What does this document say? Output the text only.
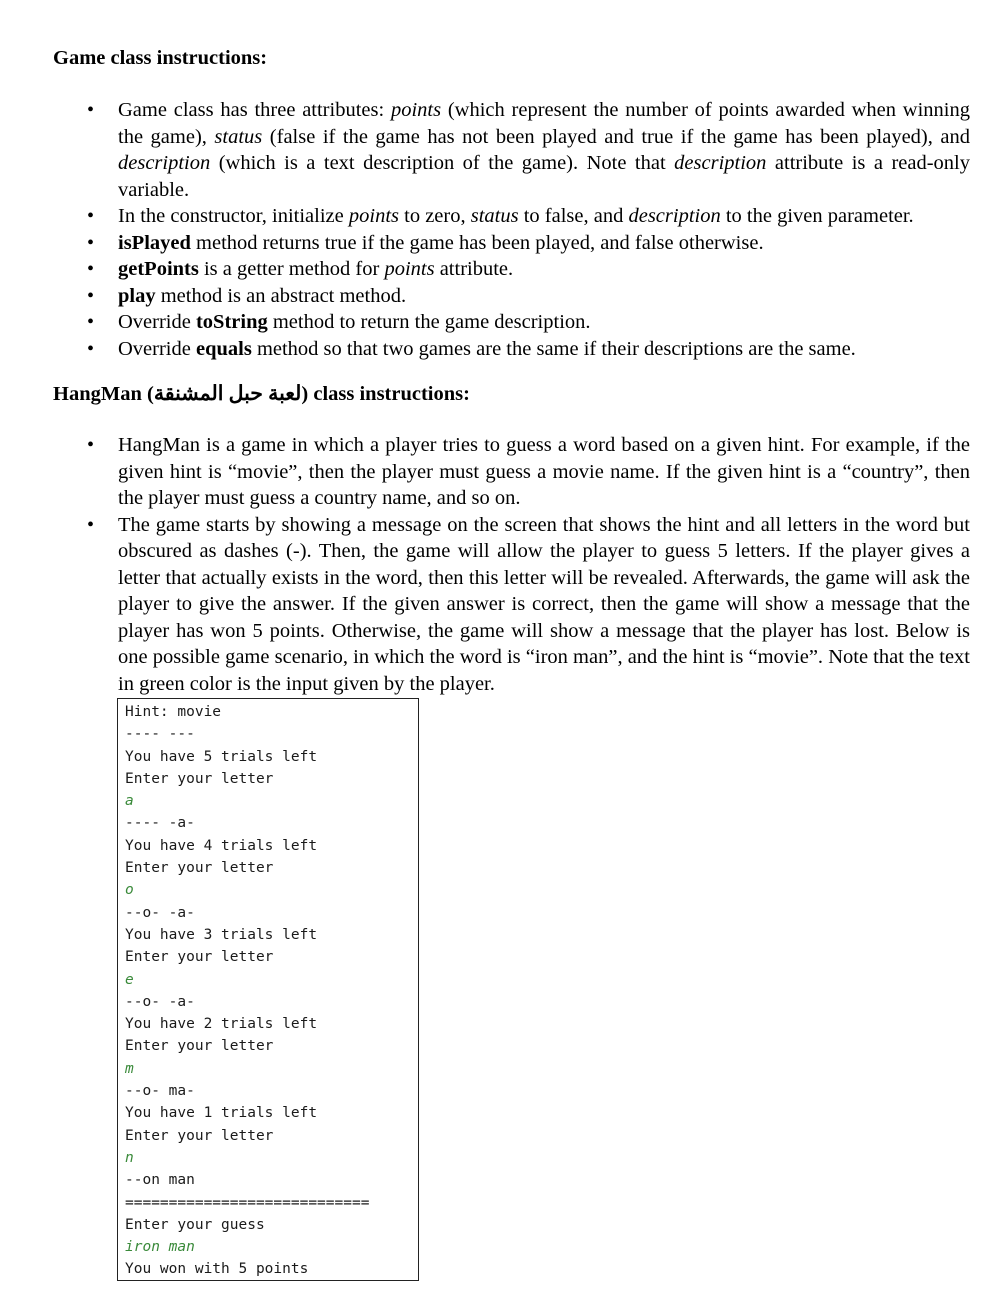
Game class instructions:
• Game class has three attributes: points (which represent the number of points awarded when winning the game), status (false if the game has not been played and true if the game has been played), and description (which is a text description of the game). Note that description attribute is a read-only variable.
• In the constructor, initialize points to zero, status to false, and description to the given parameter.
• isPlayed method returns true if the game has been played, and false otherwise.
• getPoints is a getter method for points attribute.
• play method is an abstract method.
• Override toString method to return the game description.
• Override equals method so that two games are the same if their descriptions are the same.
HangMan (لعبة حبل المشنقة) class instructions:
• HangMan is a game in which a player tries to guess a word based on a given hint. For example, if the given hint is “movie”, then the player must guess a movie name. If the given hint is a “country”, then the player must guess a country name, and so on.
• The game starts by showing a message on the screen that shows the hint and all letters in the word but obscured as dashes (-). Then, the game will allow the player to guess 5 letters. If the player gives a letter that actually exists in the word, then this letter will be revealed. Afterwards, the game will ask the player to give the answer. If the given answer is correct, then the game will show a message that the player has won 5 points. Otherwise, the game will show a message that the player has lost. Below is one possible game scenario, in which the word is “iron man”, and the hint is “movie”. Note that the text in green color is the input given by the player.
Hint: movie
---- ---
You have 5 trials left
Enter your letter
a
---- -a-
You have 4 trials left
Enter your letter
o
--o- -a-
You have 3 trials left
Enter your letter
e
--o- -a-
You have 2 trials left
Enter your letter
m
--o- ma-
You have 1 trials left
Enter your letter
n
--on man
============================
Enter your guess
iron man
You won with 5 points
